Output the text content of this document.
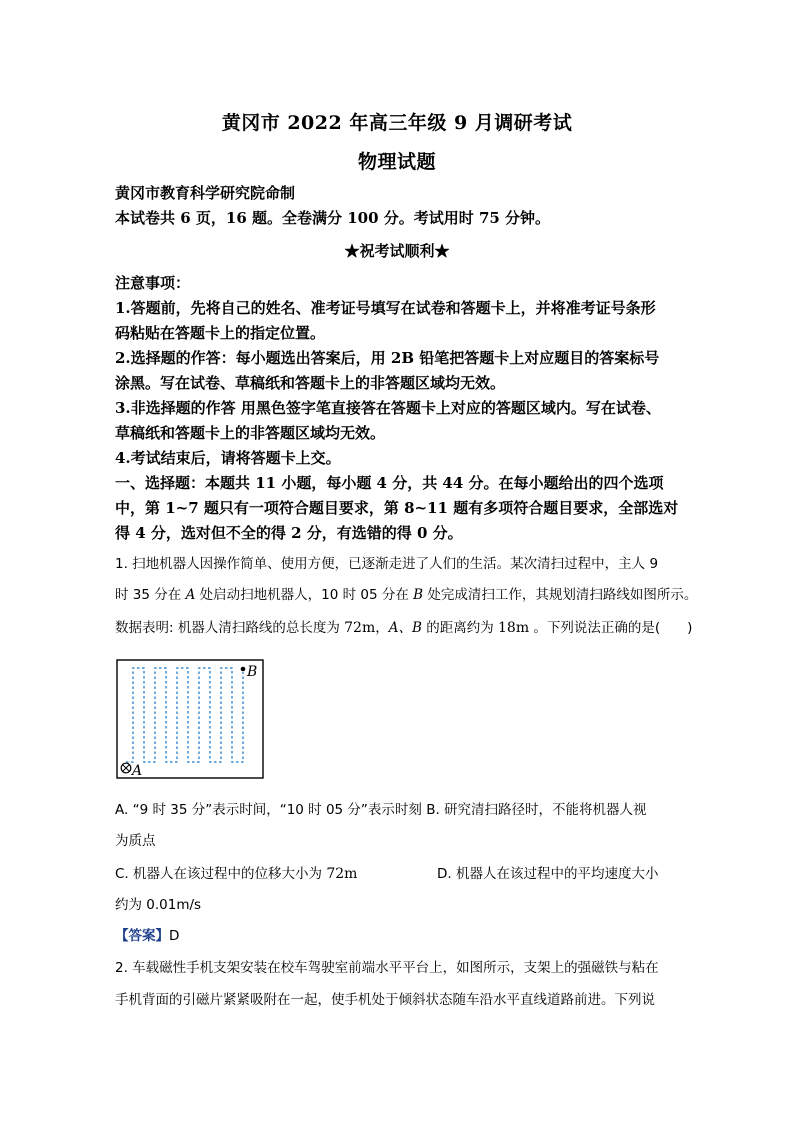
黄冈市 2022 年高三年级 9 月调研考试
物理试题
黄冈市教育科学研究院命制
本试卷共 6 页，16 题。全卷满分 100 分。考试用时 75 分钟。
★祝考试顺利★
注意事项：
1.答题前，先将自己的姓名、准考证号填写在试卷和答题卡上，并将准考证号条形
码粘贴在答题卡上的指定位置。
2.选择题的作答：每小题选出答案后，用 2B 铅笔把答题卡上对应题目的答案标号
涂黑。写在试卷、草稿纸和答题卡上的非答题区域均无效。
3.非选择题的作答 用黑色签字笔直接答在答题卡上对应的答题区域内。写在试卷、
草稿纸和答题卡上的非答题区域均无效。
4.考试结束后，请将答题卡上交。
一、选择题：本题共 11 小题，每小题 4 分，共 44 分。在每小题给出的四个选项
中，第 1~7 题只有一项符合题目要求，第 8~11 题有多项符合题目要求，全部选对
得 4 分，选对但不全的得 2 分，有选错的得 0 分。
1. 扫地机器人因操作简单、使用方便，已逐渐走进了人们的生活。某次清扫过程中，主人 9
时 35 分在 A 处启动扫地机器人，10 时 05 分在 B 处完成清扫工作，其规划清扫路线如图所示。
数据表明: 机器人清扫路线的总长度为 72m，A、B 的距离约为 18m 。下列说法正确的是(　　)
B
A
A. “9 时 35 分”表示时间，“10 时 05 分”表示时刻 B. 研究清扫路径时，不能将机器人视
为质点
C. 机器人在该过程中的位移大小为 72m	D. 机器人在该过程中的平均速度大小
约为 0.01m/s
【答案】D
2. 车载磁性手机支架安装在校车驾驶室前端水平平台上，如图所示，支架上的强磁铁与粘在
手机背面的引磁片紧紧吸附在一起，使手机处于倾斜状态随车沿水平直线道路前进。下列说
